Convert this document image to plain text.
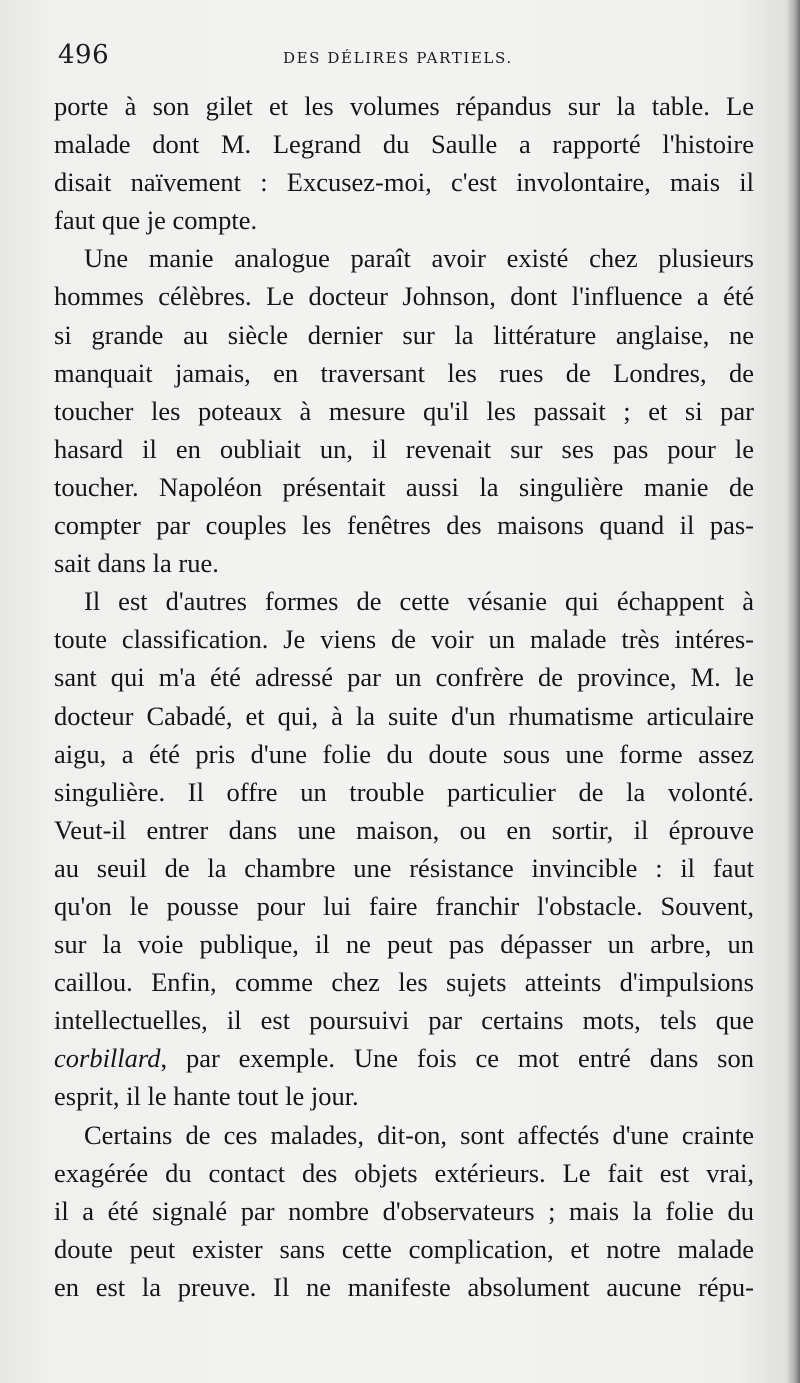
496	DES DÉLIRES PARTIELS.
porte à son gilet et les volumes répandus sur la table. Le
malade dont M. Legrand du Saulle a rapporté l'histoire
disait naïvement : Excusez-moi, c'est involontaire, mais il
faut que je compte.
Une manie analogue paraît avoir existé chez plusieurs
hommes célèbres. Le docteur Johnson, dont l'influence a été
si grande au siècle dernier sur la littérature anglaise, ne
manquait jamais, en traversant les rues de Londres, de
toucher les poteaux à mesure qu'il les passait ; et si par
hasard il en oubliait un, il revenait sur ses pas pour le
toucher. Napoléon présentait aussi la singulière manie de
compter par couples les fenêtres des maisons quand il pas-
sait dans la rue.
Il est d'autres formes de cette vésanie qui échappent à
toute classification. Je viens de voir un malade très intéres-
sant qui m'a été adressé par un confrère de province, M. le
docteur Cabadé, et qui, à la suite d'un rhumatisme articulaire
aigu, a été pris d'une folie du doute sous une forme assez
singulière. Il offre un trouble particulier de la volonté.
Veut-il entrer dans une maison, ou en sortir, il éprouve
au seuil de la chambre une résistance invincible : il faut
qu'on le pousse pour lui faire franchir l'obstacle. Souvent,
sur la voie publique, il ne peut pas dépasser un arbre, un
caillou. Enfin, comme chez les sujets atteints d'impulsions
intellectuelles, il est poursuivi par certains mots, tels que
corbillard, par exemple. Une fois ce mot entré dans son
esprit, il le hante tout le jour.
Certains de ces malades, dit-on, sont affectés d'une crainte
exagérée du contact des objets extérieurs. Le fait est vrai,
il a été signalé par nombre d'observateurs ; mais la folie du
doute peut exister sans cette complication, et notre malade
en est la preuve. Il ne manifeste absolument aucune répu-
